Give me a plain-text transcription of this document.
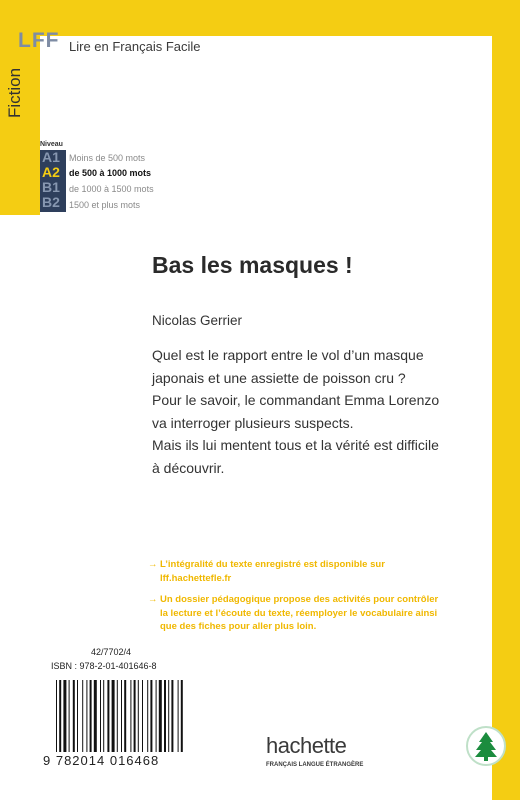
LFF Lire en Français Facile
Fiction
Niveau
A1
A2
B1
B2
Moins de 500 mots
de 500 à 1000 mots
de 1000 à 1500 mots
1500 et plus mots
Bas les masques !
Nicolas Gerrier

Quel est le rapport entre le vol d’un masque

japonais et une assiette de poisson cru ?

Pour le savoir, le commandant Emma Lorenzo

va interroger plusieurs suspects.

Mais ils lui mentent tous et la vérité est difficile

à découvrir.

→ L’intégralité du texte enregistré est disponible sur
lff.hachettefle.fr
→ Un dossier pédagogique propose des activités pour contrôler
la lecture et l’écoute du texte, réemployer le vocabulaire ainsi
que des fiches pour aller plus loin.
42/7702/4
ISBN : 978-2-01-401646-8
9 782014 016468
hachette
FRANÇAIS LANGUE ÉTRANGÈRE
